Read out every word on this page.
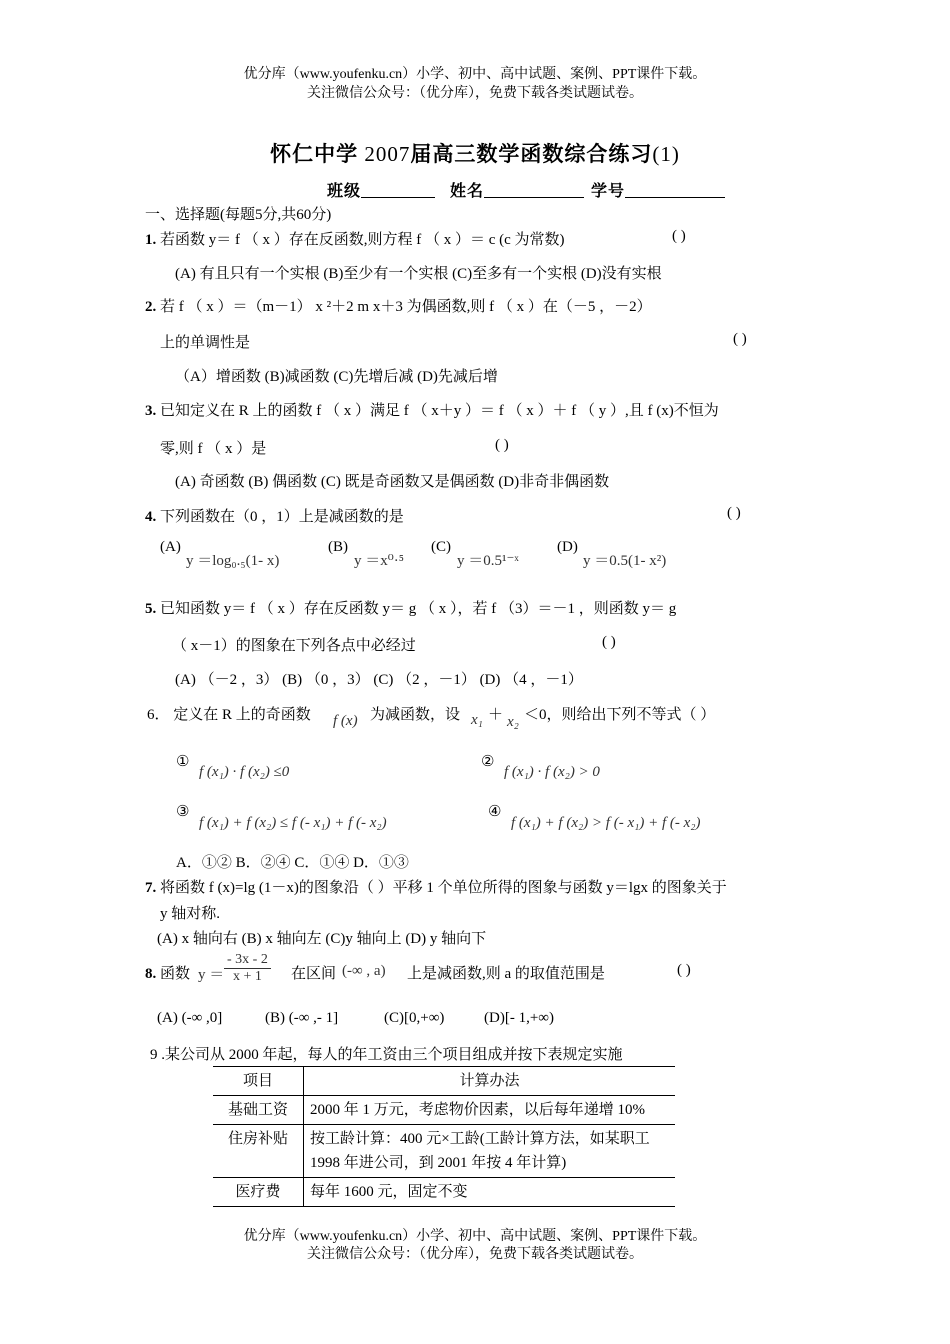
优分库（www.youfenku.cn）小学、初中、高中试题、案例、PPT课件下载。
关注微信公众号：（优分库），免费下载各类试题试卷。
怀仁中学 2007届高三数学函数综合练习(1)
班级	姓名	学号
一、选择题(每题5分,共60分)
1. 若函数 y＝ f （ x ）存在反函数,则方程 f （ x ）＝ c (c 为常数)	( )
(A) 有且只有一个实根 (B)至少有一个实根 (C)至多有一个实根 (D)没有实根
2. 若 f （ x ）＝（m－1） x ²＋2 m x＋3 为偶函数,则 f （ x ）在（－5 ，－2）
上的单调性是	( )
（A）增函数 (B)减函数 (C)先增后减 (D)先减后增
3. 已知定义在 R 上的函数 f （ x ）满足 f （ x＋y ）＝ f （ x ）＋ f （ y ）,且 f (x)不恒为
零,则 f （ x ）是	( )
(A) 奇函数 (B) 偶函数 (C) 既是奇函数又是偶函数 (D)非奇非偶函数
4. 下列函数在（0 ，1）上是减函数的是	( )
(A)
y ＝log₀.₅(1- x)
(B)
y ＝x⁰·⁵
(C)
y ＝0.5¹⁻ˣ
(D)
y ＝0.5(1- x²)
5. 已知函数 y＝ f （ x ）存在反函数 y＝ g （ x ），若 f （3）＝－1 ，则函数 y＝ g
（ x－1）的图象在下列各点中必经过	( )
(A) （－2 ，3） (B) （0 ，3） (C) （2 ，－1） (D) （4 ，－1）
6． 定义在 R 上的奇函数 f (x) 为减函数，设 x₁ ＋ x₂ ＜0，则给出下列不等式（ ）
①
f (x₁) · f (x₂) ≤0
②
f (x₁) · f (x₂) > 0
③
f (x₁) + f (x₂) ≤ f (- x₁) + f (- x₂)
④
f (x₁) + f (x₂) > f (- x₁) + f (- x₂)
A．①② B．②④ C．①④ D．①③
7. 将函数 f (x)=lg (1－x)的图象沿（ ）平移 1 个单位所得的图象与函数 y＝lgx 的图象关于
y 轴对称.
(A) x 轴向右 (B) x 轴向左 (C)y 轴向上 (D) y 轴向下
8. 函数 $y = \frac{- 3x - 2}{x + 1}$ 在区间 (-∞ , a) 上是减函数,则 a 的取值范围是	( )
(A) (-∞ ,0]	(B) (-∞ ,- 1]	(C)[0,+∞)	(D)[- 1,+∞)
9 .某公司从 2000 年起，每人的年工资由三个项目组成并按下表规定实施
项目	计算办法
基础工资	2000 年 1 万元，考虑物价因素，以后每年递增 10%
住房补贴	按工龄计算：400 元×工龄(工龄计算方法，如某职工 1998 年进公司，到 2001 年按 4 年计算)
医疗费	每年 1600 元，固定不变
优分库（www.youfenku.cn）小学、初中、高中试题、案例、PPT课件下载。
关注微信公众号：（优分库），免费下载各类试题试卷。
